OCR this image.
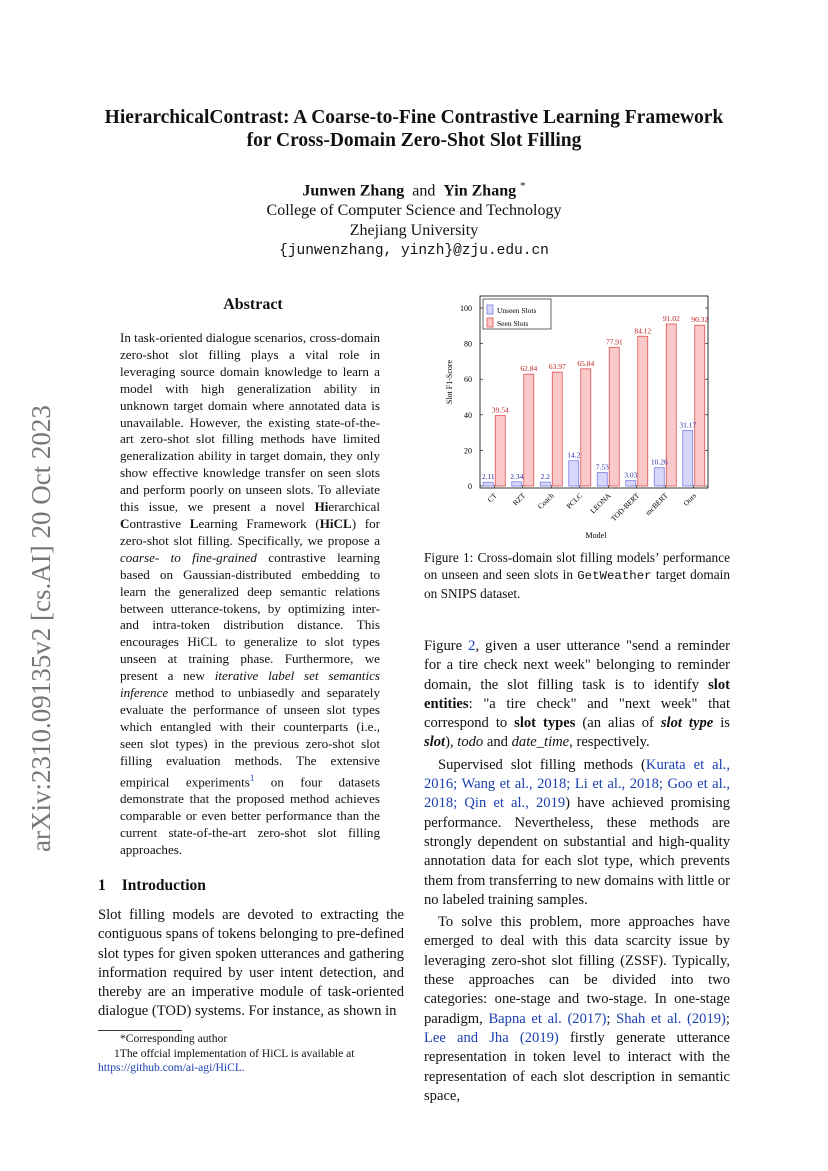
arXiv:2310.09135v2 [cs.AI] 20 Oct 2023
HierarchicalContrast: A Coarse-to-Fine Contrastive Learning Framework
for Cross-Domain Zero-Shot Slot Filling
Junwen Zhang and Yin Zhang *
College of Computer Science and Technology
Zhejiang University
{junwenzhang, yinzh}@zju.edu.cn
Abstract
In task-oriented dialogue scenarios, cross-domain zero-shot slot filling plays a vital role in leveraging source domain knowledge to learn a model with high generalization ability in unknown target domain where annotated data is unavailable. However, the existing state-of-the-art zero-shot slot filling methods have limited generalization ability in target domain, they only show effective knowledge transfer on seen slots and perform poorly on unseen slots. To alleviate this issue, we present a novel Hierarchical Contrastive Learning Framework (HiCL) for zero-shot slot filling. Specifically, we propose a coarse- to fine-grained contrastive learning based on Gaussian-distributed embedding to learn the generalized deep semantic relations between utterance-tokens, by optimizing inter- and intra-token distribution distance. This encourages HiCL to generalize to slot types unseen at training phase. Furthermore, we present a new iterative label set semantics inference method to unbiasedly and separately evaluate the performance of unseen slot types which entangled with their counterparts (i.e., seen slot types) in the previous zero-shot slot filling evaluation methods. The extensive empirical experiments$^1$ on four datasets demonstrate that the proposed method achieves comparable or even better performance than the current state-of-the-art zero-shot slot filling approaches.
1 Introduction
Slot filling models are devoted to extracting the contiguous spans of tokens belonging to pre-defined slot types for given spoken utterances and gathering information required by user intent detection, and thereby are an imperative module of task-oriented dialogue (TOD) systems. For instance, as shown in
*Corresponding author
1The offcial implementation of HiCL is available at
https://github.com/ai-agi/HiCL.
0
20
40
60
80
100
Slot F1-Score
Model
CT RZT Coach PCLC LEONA
TOD-BERT mcBERT Ours
2.11
39.54
2.34
62.84
2.2
63.97
14.2
65.84
7.53
77.91
3.03
84.12
10.26
91.02
31.17
90.32
Unseen Slots
Seen Slots
Figure 1: Cross-domain slot filling models’ performance on unseen and seen slots in GetWeather target domain on SNIPS dataset.

Figure 2, given a user utterance "send a reminder for a tire check next week" belonging to reminder domain, the slot filling task is to identify slot entities: "a tire check" and "next week" that correspond to slot types (an alias of slot type is slot), todo and date_time, respectively.

Supervised slot filling methods (Kurata et al., 2016; Wang et al., 2018; Li et al., 2018; Goo et al., 2018; Qin et al., 2019) have achieved promising performance. Nevertheless, these methods are strongly dependent on substantial and high-quality annotation data for each slot type, which prevents them from transferring to new domains with little or no labeled training samples.

To solve this problem, more approaches have emerged to deal with this data scarcity issue by leveraging zero-shot slot filling (ZSSF). Typically, these approaches can be divided into two categories: one-stage and two-stage. In one-stage paradigm, Bapna et al. (2017); Shah et al. (2019); Lee and Jha (2019) firstly generate utterance representation in token level to interact with the representation of each slot description in semantic space,
